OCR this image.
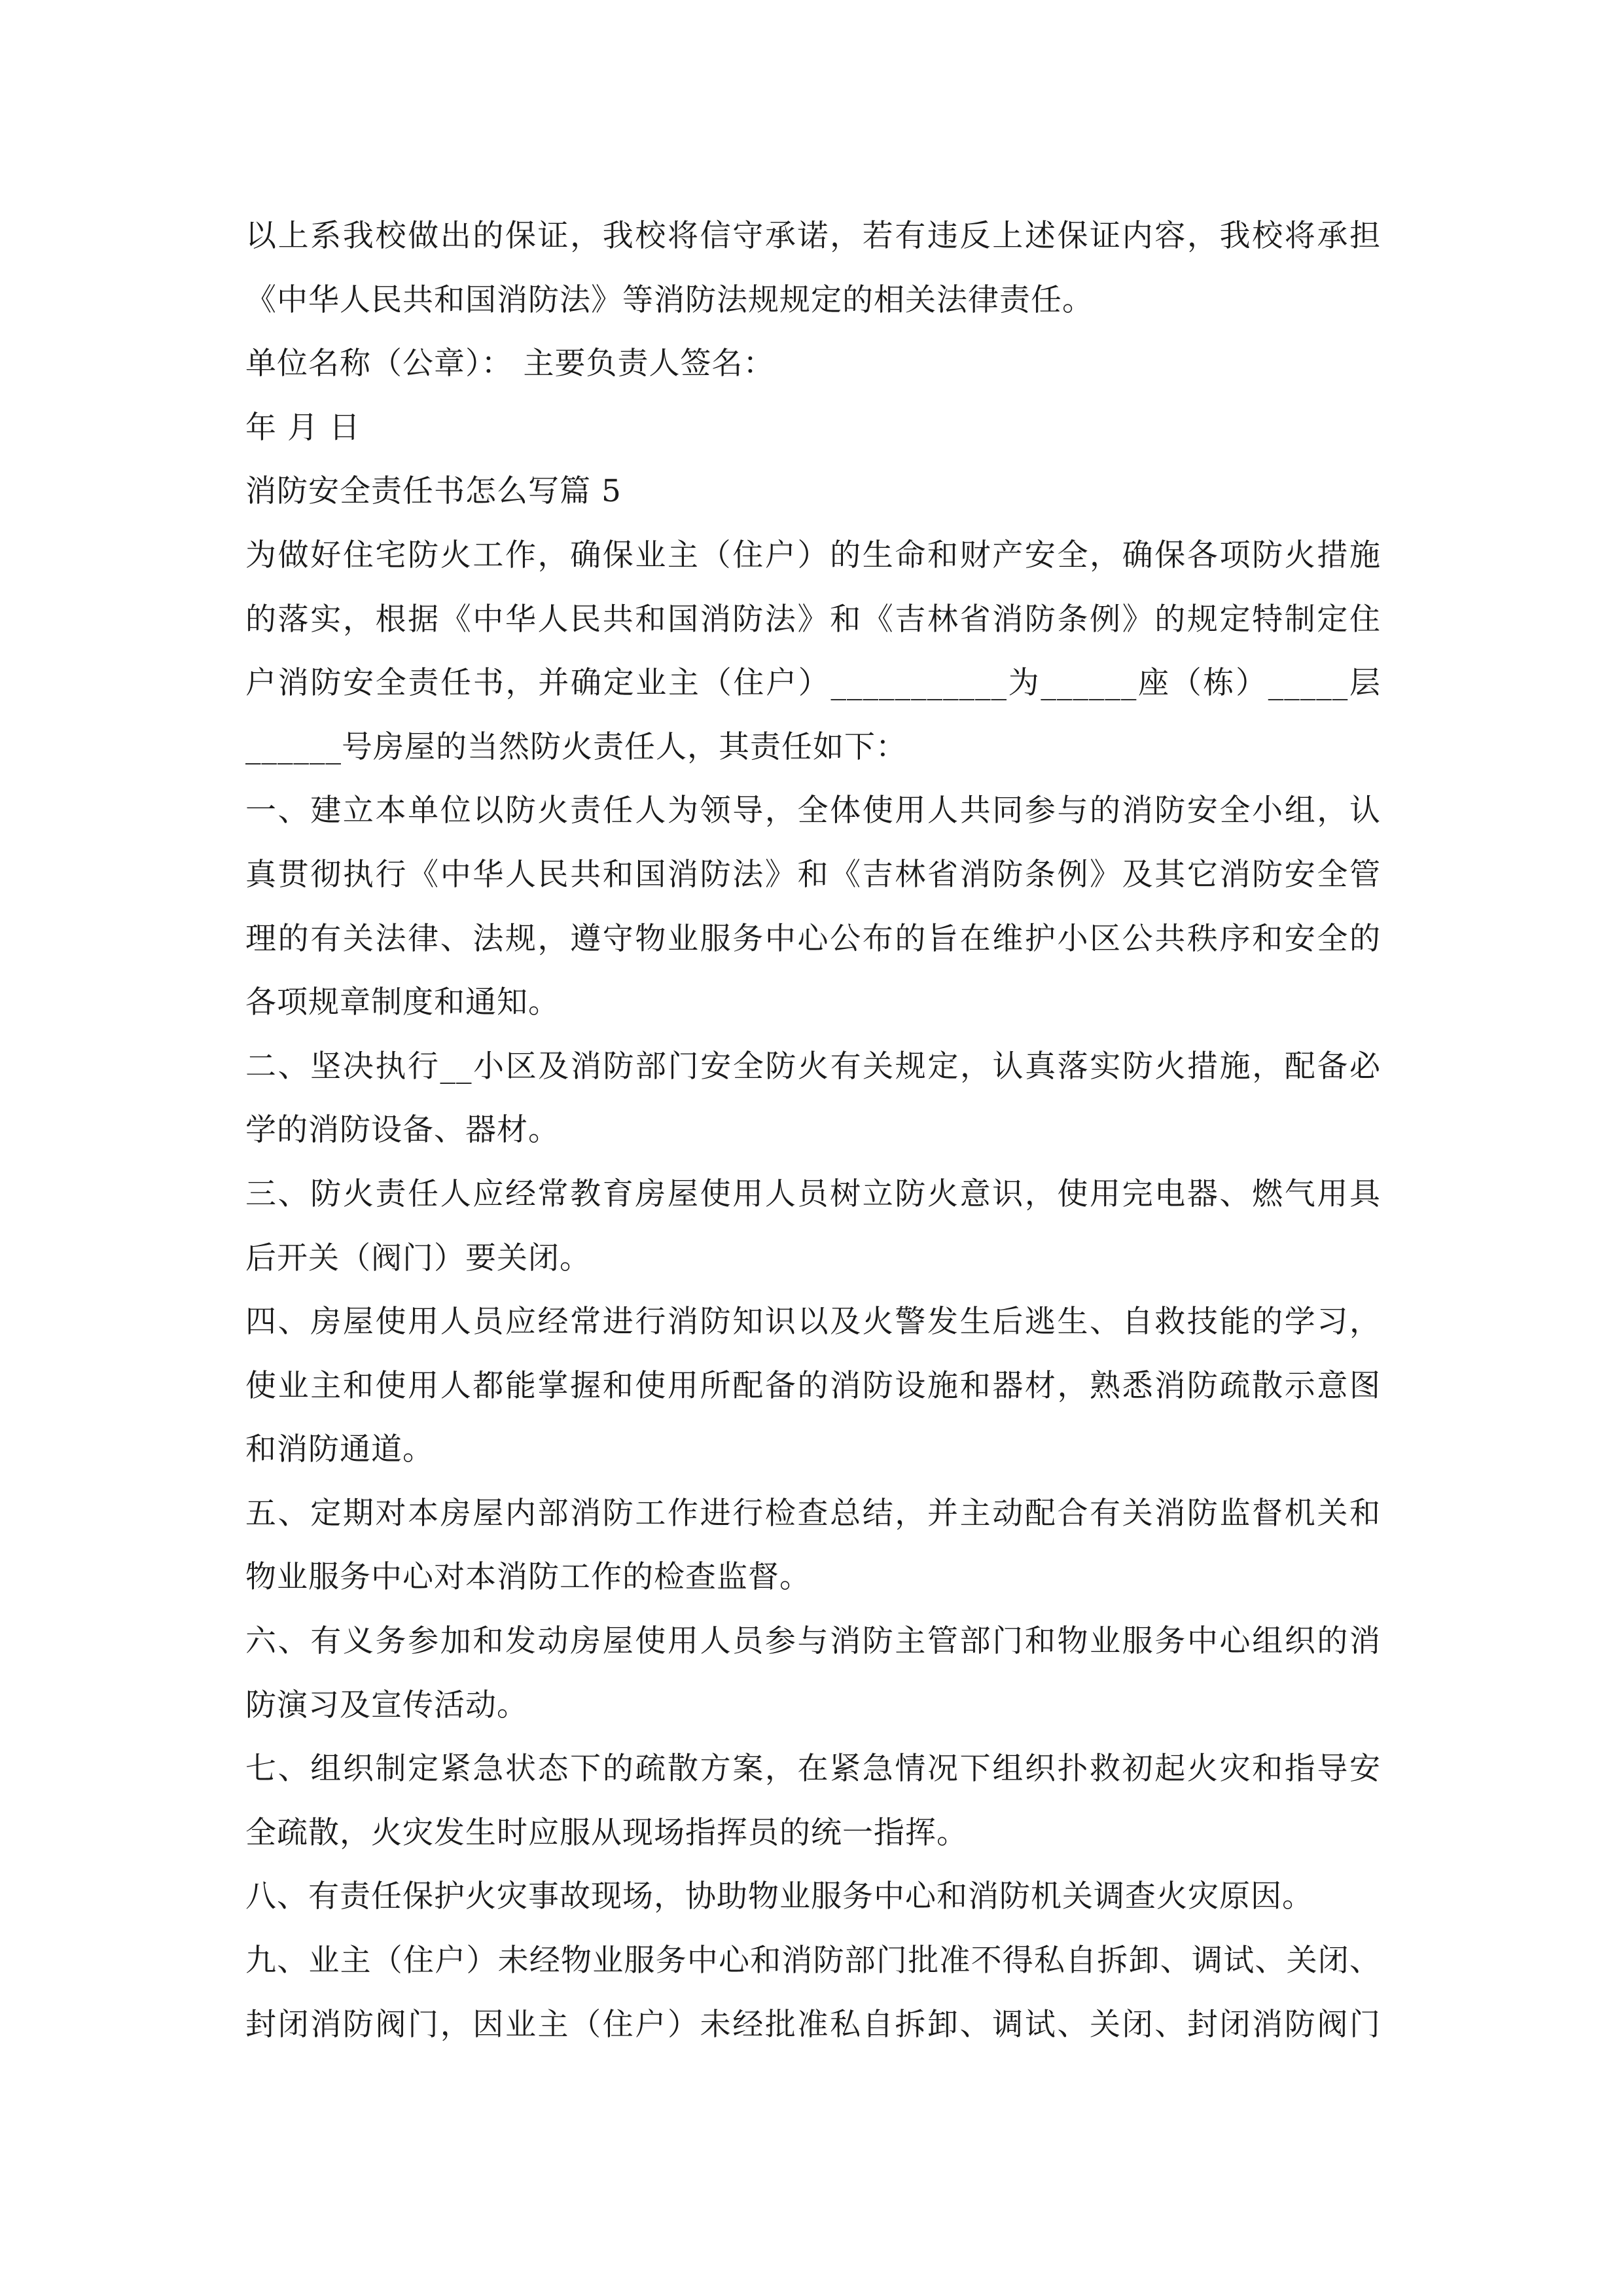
以上系我校做出的保证，我校将信守承诺，若有违反上述保证内容，我校将承担
《中华人民共和国消防法》等消防法规规定的相关法律责任。
单位名称（公章）： 主要负责人签名：
年 月 日
消防安全责任书怎么写篇 5
为做好住宅防火工作，确保业主（住户）的生命和财产安全，确保各项防火措施
的落实，根据《中华人民共和国消防法》和《吉林省消防条例》的规定特制定住
户消防安全责任书，并确定业主（住户）___________为______座（栋）_____层
______号房屋的当然防火责任人，其责任如下：
一、建立本单位以防火责任人为领导，全体使用人共同参与的消防安全小组，认
真贯彻执行《中华人民共和国消防法》和《吉林省消防条例》及其它消防安全管
理的有关法律、法规，遵守物业服务中心公布的旨在维护小区公共秩序和安全的
各项规章制度和通知。
二、坚决执行__小区及消防部门安全防火有关规定，认真落实防火措施，配备必
学的消防设备、器材。
三、防火责任人应经常教育房屋使用人员树立防火意识，使用完电器、燃气用具
后开关（阀门）要关闭。
四、房屋使用人员应经常进行消防知识以及火警发生后逃生、自救技能的学习，
使业主和使用人都能掌握和使用所配备的消防设施和器材，熟悉消防疏散示意图
和消防通道。
五、定期对本房屋内部消防工作进行检查总结，并主动配合有关消防监督机关和
物业服务中心对本消防工作的检查监督。
六、有义务参加和发动房屋使用人员参与消防主管部门和物业服务中心组织的消
防演习及宣传活动。
七、组织制定紧急状态下的疏散方案，在紧急情况下组织扑救初起火灾和指导安
全疏散，火灾发生时应服从现场指挥员的统一指挥。
八、有责任保护火灾事故现场，协助物业服务中心和消防机关调查火灾原因。
九、业主（住户）未经物业服务中心和消防部门批准不得私自拆卸、调试、关闭、
封闭消防阀门，因业主（住户）未经批准私自拆卸、调试、关闭、封闭消防阀门
